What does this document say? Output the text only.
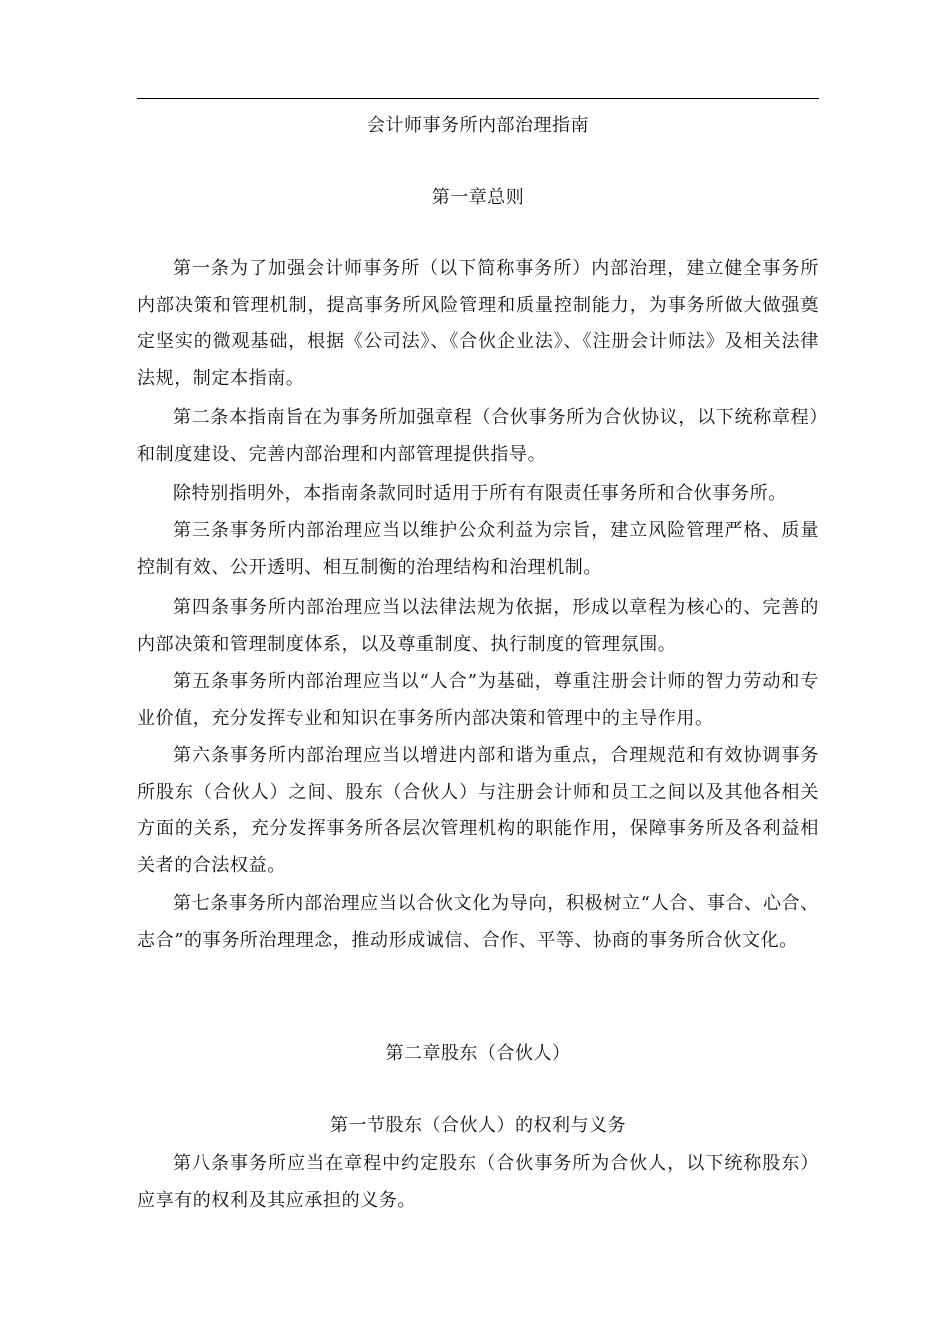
会计师事务所内部治理指南
第一章总则

第一条为了加强会计师事务所（以下简称事务所）内部治理，建立健全事务所内部决策和管理机制，提高事务所风险管理和质量控制能力，为事务所做大做强奠定坚实的微观基础，根据《公司法》、《合伙企业法》、《注册会计师法》及相关法律法规，制定本指南。

第二条本指南旨在为事务所加强章程（合伙事务所为合伙协议，以下统称章程）和制度建设、完善内部治理和内部管理提供指导。

除特别指明外，本指南条款同时适用于所有有限责任事务所和合伙事务所。

第三条事务所内部治理应当以维护公众利益为宗旨，建立风险管理严格、质量控制有效、公开透明、相互制衡的治理结构和治理机制。

第四条事务所内部治理应当以法律法规为依据，形成以章程为核心的、完善的内部决策和管理制度体系，以及尊重制度、执行制度的管理氛围。

第五条事务所内部治理应当以“人合”为基础，尊重注册会计师的智力劳动和专业价值，充分发挥专业和知识在事务所内部决策和管理中的主导作用。

第六条事务所内部治理应当以增进内部和谐为重点，合理规范和有效协调事务所股东（合伙人）之间、股东（合伙人）与注册会计师和员工之间以及其他各相关方面的关系，充分发挥事务所各层次管理机构的职能作用，保障事务所及各利益相关者的合法权益。

第七条事务所内部治理应当以合伙文化为导向，积极树立“人合、事合、心合、志合”的事务所治理理念，推动形成诚信、合作、平等、协商的事务所合伙文化。

第二章股东（合伙人）
第一节股东（合伙人）的权利与义务

第八条事务所应当在章程中约定股东（合伙事务所为合伙人，以下统称股东）应享有的权利及其应承担的义务。
